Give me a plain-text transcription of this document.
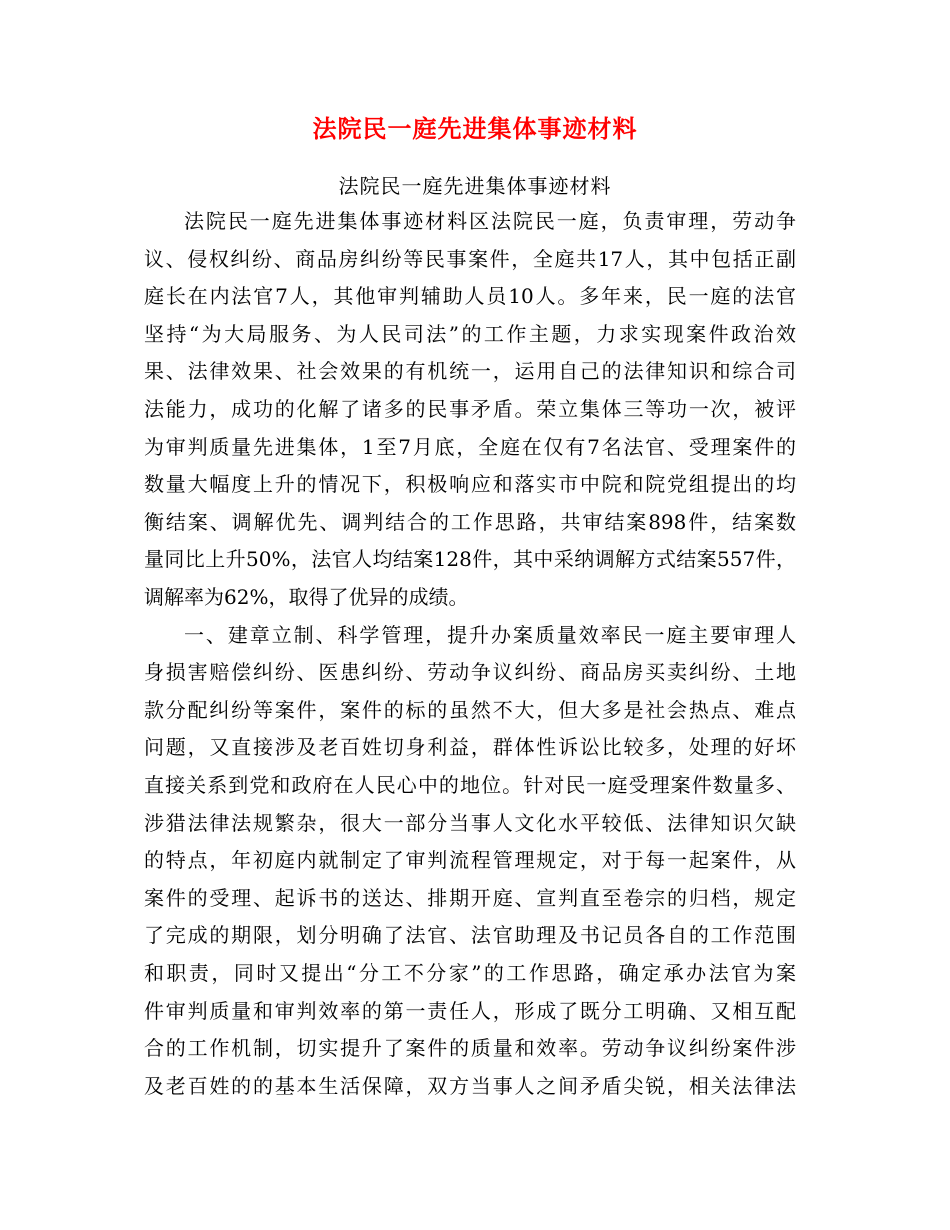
法院民一庭先进集体事迹材料
法院民一庭先进集体事迹材料
法院民一庭先进集体事迹材料区法院民一庭，负责审理，劳动争
议、侵权纠纷、商品房纠纷等民事案件，全庭共17人，其中包括正副
庭长在内法官7人，其他审判辅助人员10人。多年来，民一庭的法官
坚持“为大局服务、为人民司法”的工作主题，力求实现案件政治效
果、法律效果、社会效果的有机统一，运用自己的法律知识和综合司
法能力，成功的化解了诸多的民事矛盾。荣立集体三等功一次，被评
为审判质量先进集体，1至7月底，全庭在仅有7名法官、受理案件的
数量大幅度上升的情况下，积极响应和落实市中院和院党组提出的均
衡结案、调解优先、调判结合的工作思路，共审结案898件，结案数
量同比上升50%，法官人均结案128件，其中采纳调解方式结案557件，
调解率为62%，取得了优异的成绩。
一、建章立制、科学管理，提升办案质量效率民一庭主要审理人
身损害赔偿纠纷、医患纠纷、劳动争议纠纷、商品房买卖纠纷、土地
款分配纠纷等案件，案件的标的虽然不大，但大多是社会热点、难点
问题，又直接涉及老百姓切身利益，群体性诉讼比较多，处理的好坏
直接关系到党和政府在人民心中的地位。针对民一庭受理案件数量多、
涉猎法律法规繁杂，很大一部分当事人文化水平较低、法律知识欠缺
的特点，年初庭内就制定了审判流程管理规定，对于每一起案件，从
案件的受理、起诉书的送达、排期开庭、宣判直至卷宗的归档，规定
了完成的期限，划分明确了法官、法官助理及书记员各自的工作范围
和职责，同时又提出“分工不分家”的工作思路，确定承办法官为案
件审判质量和审判效率的第一责任人，形成了既分工明确、又相互配
合的工作机制，切实提升了案件的质量和效率。劳动争议纠纷案件涉
及老百姓的的基本生活保障，双方当事人之间矛盾尖锐，相关法律法
